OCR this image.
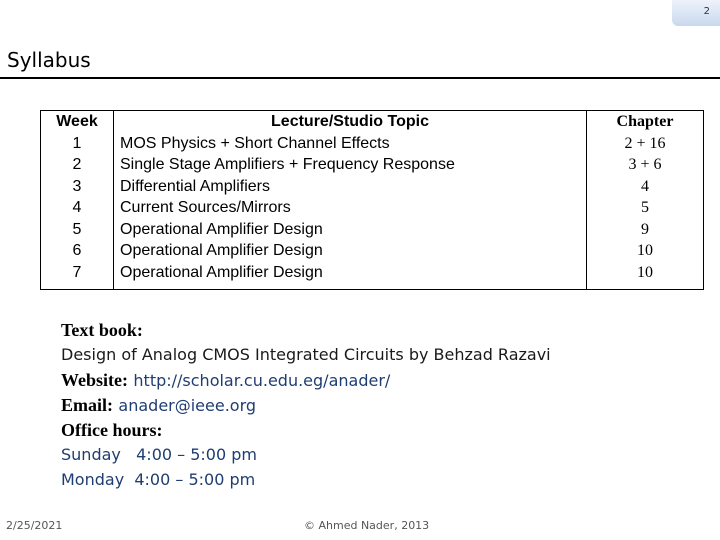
2
Syllabus
Week	Lecture/Studio Topic	Chapter
1	MOS Physics + Short Channel Effects	2 + 16
2	Single Stage Amplifiers + Frequency Response	3 + 6
3	Differential Amplifiers	4
4	Current Sources/Mirrors	5
5	Operational Amplifier Design	9
6	Operational Amplifier Design	10
7	Operational Amplifier Design	10
Text book:
Design of Analog CMOS Integrated Circuits by Behzad Razavi
Website: http://scholar.cu.edu.eg/anader/
Email: anader@ieee.org
Office hours:
Sunday   4:00 – 5:00 pm
Monday  4:00 – 5:00 pm
2/25/2021	© Ahmed Nader, 2013
